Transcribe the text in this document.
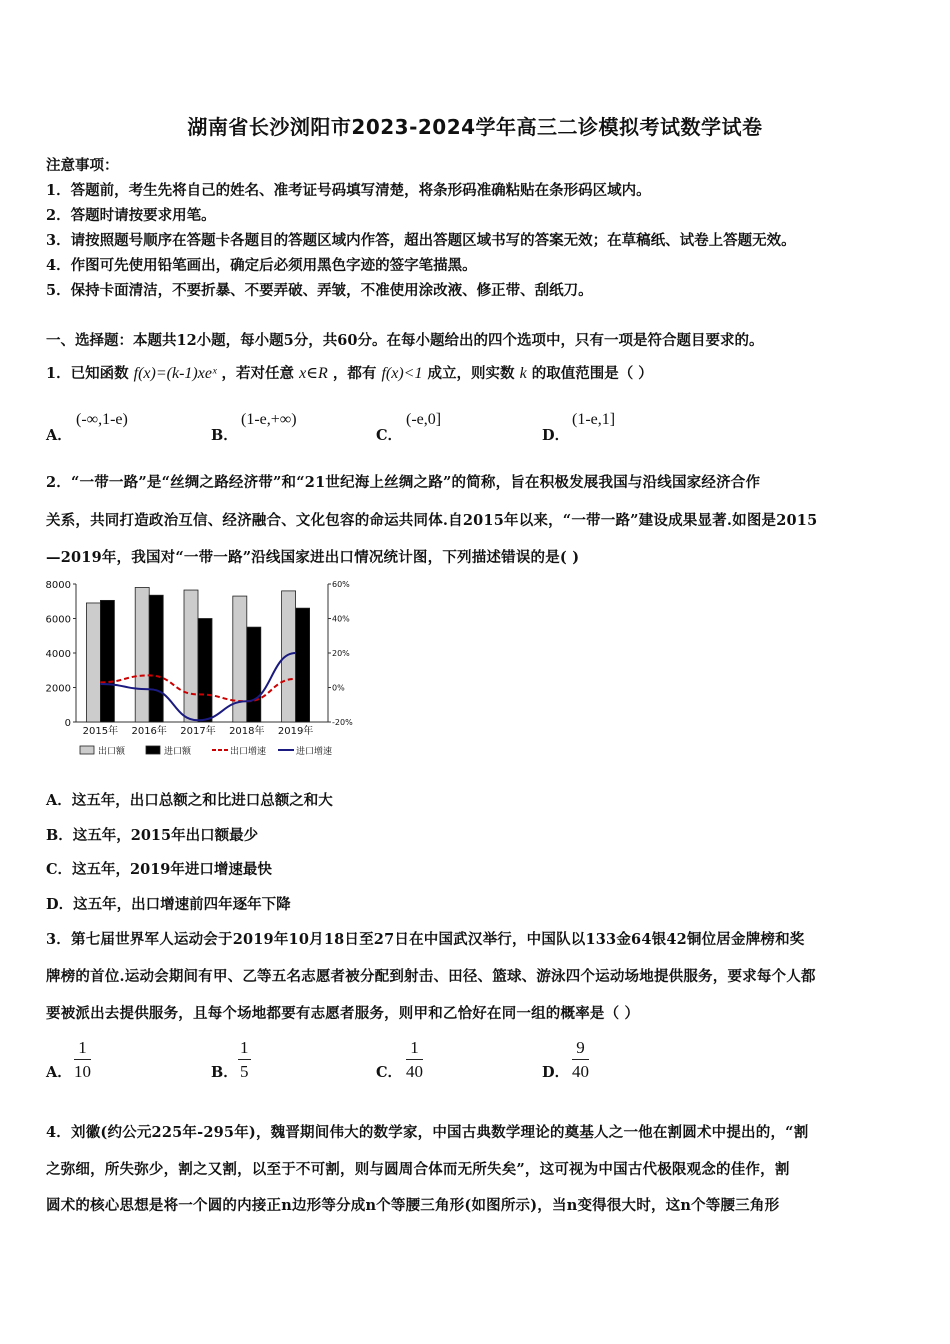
湖南省长沙浏阳市2023-2024学年高三二诊模拟考试数学试卷
注意事项：
1．答题前，考生先将自己的姓名、准考证号码填写清楚，将条形码准确粘贴在条形码区域内。
2．答题时请按要求用笔。
3．请按照题号顺序在答题卡各题目的答题区域内作答，超出答题区域书写的答案无效；在草稿纸、试卷上答题无效。
4．作图可先使用铅笔画出，确定后必须用黑色字迹的签字笔描黑。
5．保持卡面清洁，不要折暴、不要弄破、弄皱，不准使用涂改液、修正带、刮纸刀。
一、选择题：本题共12小题，每小题5分，共60分。在每小题给出的四个选项中，只有一项是符合题目要求的。
1．已知函数 f(x)=(k-1)xeˣ ，若对任意 x∈R ，都有 f(x)<1 成立，则实数 k 的取值范围是（ ）
A．
(-∞,1-e)
B．
(1-e,+∞)
C．
(-e,0]
D．
(1-e,1]
2．“一带一路”是“丝绸之路经济带”和“21世纪海上丝绸之路”的简称，旨在积极发展我国与沿线国家经济合作
关系，共同打造政治互信、经济融合、文化包容的命运共同体.自2015年以来，“一带一路”建设成果显著.如图是2015
—2019年，我国对“一带一路”沿线国家进出口情况统计图，下列描述错误的是( )
0
2000
4000
6000
8000
-20%
0%
20%
40%
60%
2015年 2016年 2017年 2018年 2019年
出口额	进口额	出口增速	进口增速
A．这五年，出口总额之和比进口总额之和大
B．这五年，2015年出口额最少
C．这五年，2019年进口增速最快
D．这五年，出口增速前四年逐年下降
3．第七届世界军人运动会于2019年10月18日至27日在中国武汉举行，中国队以133金64银42铜位居金牌榜和奖
牌榜的首位.运动会期间有甲、乙等五名志愿者被分配到射击、田径、篮球、游泳四个运动场地提供服务，要求每个人都
要被派出去提供服务，且每个场地都要有志愿者服务，则甲和乙恰好在同一组的概率是（ ）
A． $\frac{1}{10}$	B． $\frac{1}{5}$	C． $\frac{1}{40}$	D． $\frac{9}{40}$
4．刘徽(约公元225年-295年)，魏晋期间伟大的数学家，中国古典数学理论的奠基人之一他在割圆术中提出的，“割
之弥细，所失弥少，割之又割，以至于不可割，则与圆周合体而无所失矣”，这可视为中国古代极限观念的佳作，割
圆术的核心思想是将一个圆的内接正n边形等分成n个等腰三角形(如图所示)，当n变得很大时，这n个等腰三角形
